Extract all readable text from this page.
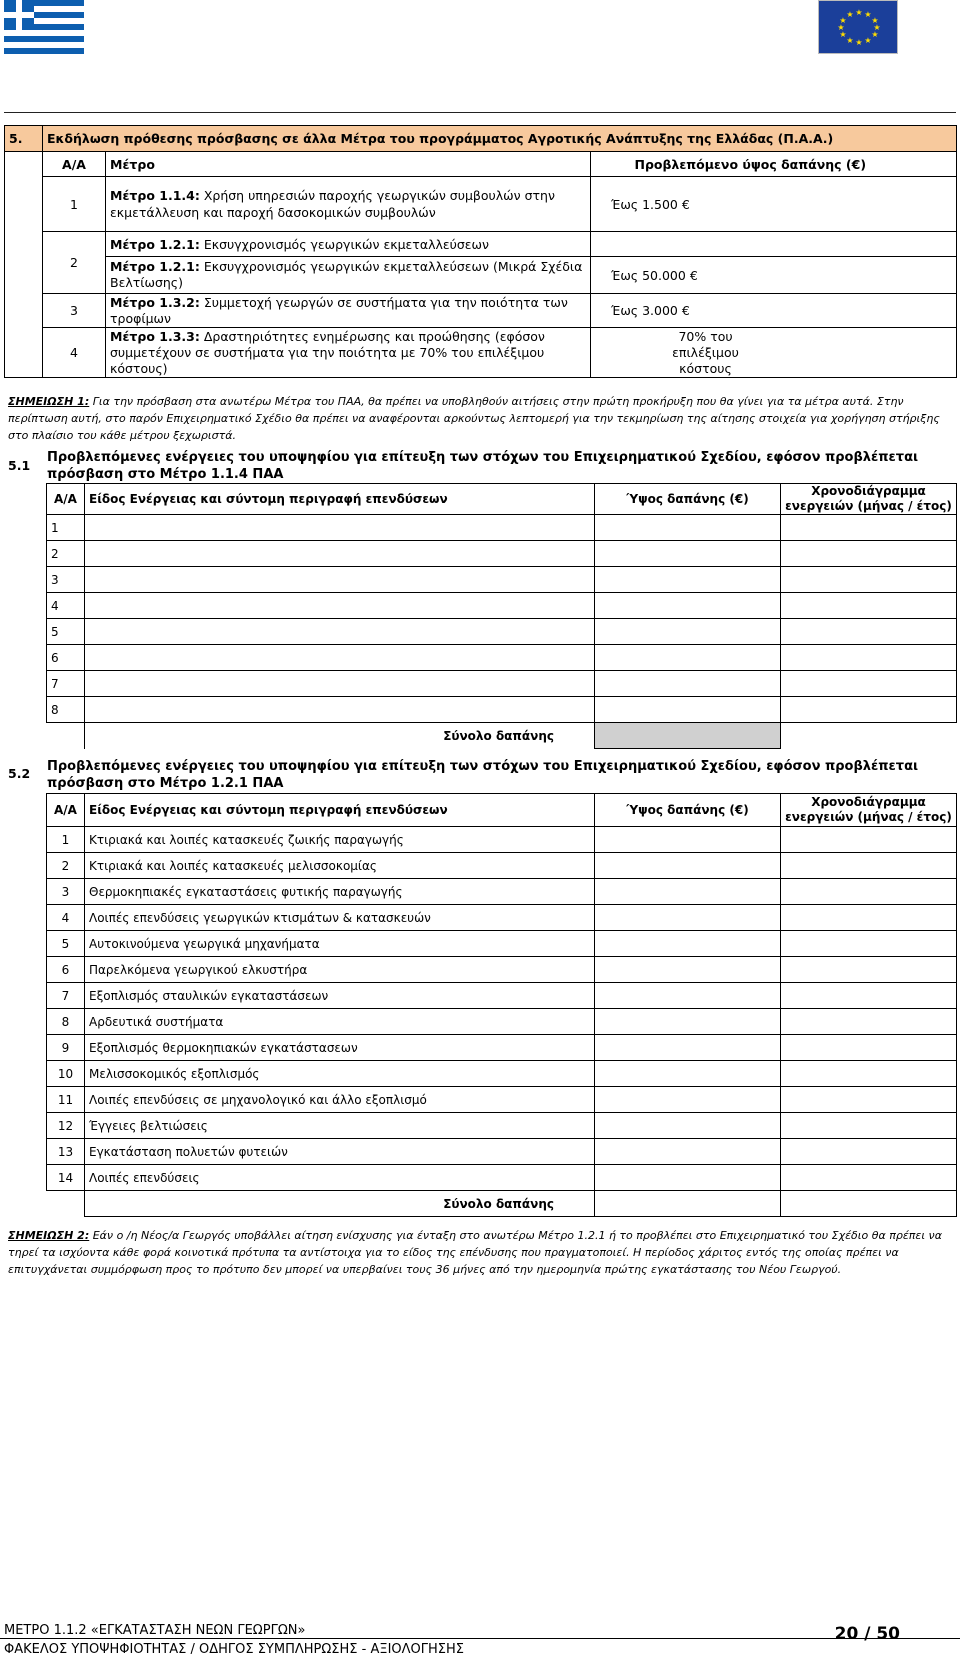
★ ★
★
★
★
★
★
★
★
★
★
★
5.	Εκδήλωση πρόθεσης πρόσβασης σε άλλα Μέτρα του προγράμματος Αγροτικής Ανάπτυξης της Ελλάδας (Π.Α.Α.)		
	Α/Α	Μέτρο	Προβλεπόμενο ύψος δαπάνης (€)
	1	Μέτρο 1.1.4: Χρήση υπηρεσιών παροχής γεωργικών συμβουλών στην εκμετάλλευση και παροχή δασοκομικών συμβουλών	Έως 1.500 €
	2	Μέτρο 1.2.1: Εκσυγχρονισμός γεωργικών εκμεταλλεύσεων	
		Μέτρο 1.2.1: Εκσυγχρονισμός γεωργικών εκμεταλλεύσεων (Μικρά Σχέδια Βελτίωσης)	Έως 50.000 €
	3	Μέτρο 1.3.2: Συμμετοχή γεωργών σε συστήματα για την ποιότητα των τροφίμων	Έως 3.000 €
	4	Μέτρο 1.3.3: Δραστηριότητες ενημέρωσης και προώθησης (εφόσον συμμετέχουν σε συστήματα για την ποιότητα με 70% του επιλέξιμου κόστους)	70% του επιλέξιμου κόστους
ΣΗΜΕΙΩΣΗ 1: Για την πρόσβαση στα ανωτέρω Μέτρα του ΠΑΑ, θα πρέπει να υποβληθούν αιτήσεις στην πρώτη προκήρυξη που θα γίνει για τα μέτρα αυτά. Στην περίπτωση αυτή, στο παρόν Επιχειρηματικό Σχέδιο θα πρέπει να αναφέρονται αρκούντως λεπτομερή για την τεκμηρίωση της αίτησης στοιχεία για χορήγηση στήριξης στο πλαίσιο του κάθε μέτρου ξεχωριστά.
5.1
Προβλεπόμενες ενέργειες του υποψηφίου για επίτευξη των στόχων του Επιχειρηματικού Σχεδίου, εφόσον προβλέπεται πρόσβαση στο Μέτρο 1.1.4 ΠΑΑ
Α/Α	Είδος Ενέργειας και σύντομη περιγραφή επενδύσεων	Ύψος δαπάνης (€)	Χρονοδιάγραμμα ενεργειών (μήνας / έτος)
1			
2			
3			
4			
5			
6			
7			
8			
	Σύνολο δαπάνης		
5.2 Προβλεπόμενες ενέργειες του υποψηφίου για επίτευξη των στόχων του Επιχειρηματικού Σχεδίου, εφόσον προβλέπεται πρόσβαση στο Μέτρο 1.2.1 ΠΑΑ
Α/Α	Είδος Ενέργειας και σύντομη περιγραφή επενδύσεων	Ύψος δαπάνης (€)	Χρονοδιάγραμμα ενεργειών (μήνας / έτος)
1	Κτιριακά και λοιπές κατασκευές ζωικής παραγωγής		
2	Κτιριακά και λοιπές κατασκευές μελισσοκομίας		
3	Θερμοκηπιακές εγκαταστάσεις φυτικής παραγωγής		
4	Λοιπές επενδύσεις γεωργικών κτισμάτων & κατασκευών		
5	Αυτοκινούμενα γεωργικά μηχανήματα		
6	Παρελκόμενα γεωργικού ελκυστήρα		
7	Εξοπλισμός σταυλικών εγκαταστάσεων		
8	Αρδευτικά συστήματα		
9	Εξοπλισμός θερμοκηπιακών εγκατάστασεων		
10	Μελισσοκομικός εξοπλισμός		
11	Λοιπές επενδύσεις σε μηχανολογικό και άλλο εξοπλισμό		
12	Έγγειες βελτιώσεις		
13	Εγκατάσταση πολυετών φυτειών		
14	Λοιπές επενδύσεις		
	Σύνολο δαπάνης		
ΣΗΜΕΙΩΣΗ 2: Εάν ο /η Νέος/α Γεωργός υποβάλλει αίτηση ενίσχυσης για ένταξη στο ανωτέρω Μέτρο 1.2.1 ή το προβλέπει στο Επιχειρηματικό του Σχέδιο θα πρέπει να τηρεί τα ισχύοντα κάθε φορά κοινοτικά πρότυπα τα αντίστοιχα για το είδος της επένδυσης που πραγματοποιεί. Η περίοδος χάριτος εντός της οποίας πρέπει να επιτυγχάνεται συμμόρφωση προς το πρότυπο δεν μπορεί να υπερβαίνει τους 36 μήνες από την ημερομηνία πρώτης εγκατάστασης του Νέου Γεωργού.
ΜΕΤΡΟ 1.1.2 «ΕΓΚΑΤΑΣΤΑΣΗ ΝΕΩΝ ΓΕΩΡΓΩΝ»
ΦΑΚΕΛΟΣ ΥΠΟΨΗΦΙΟΤΗΤΑΣ / ΟΔΗΓΟΣ ΣΥΜΠΛΗΡΩΣΗΣ - ΑΞΙΟΛΟΓΗΣΗΣ
20 / 50
